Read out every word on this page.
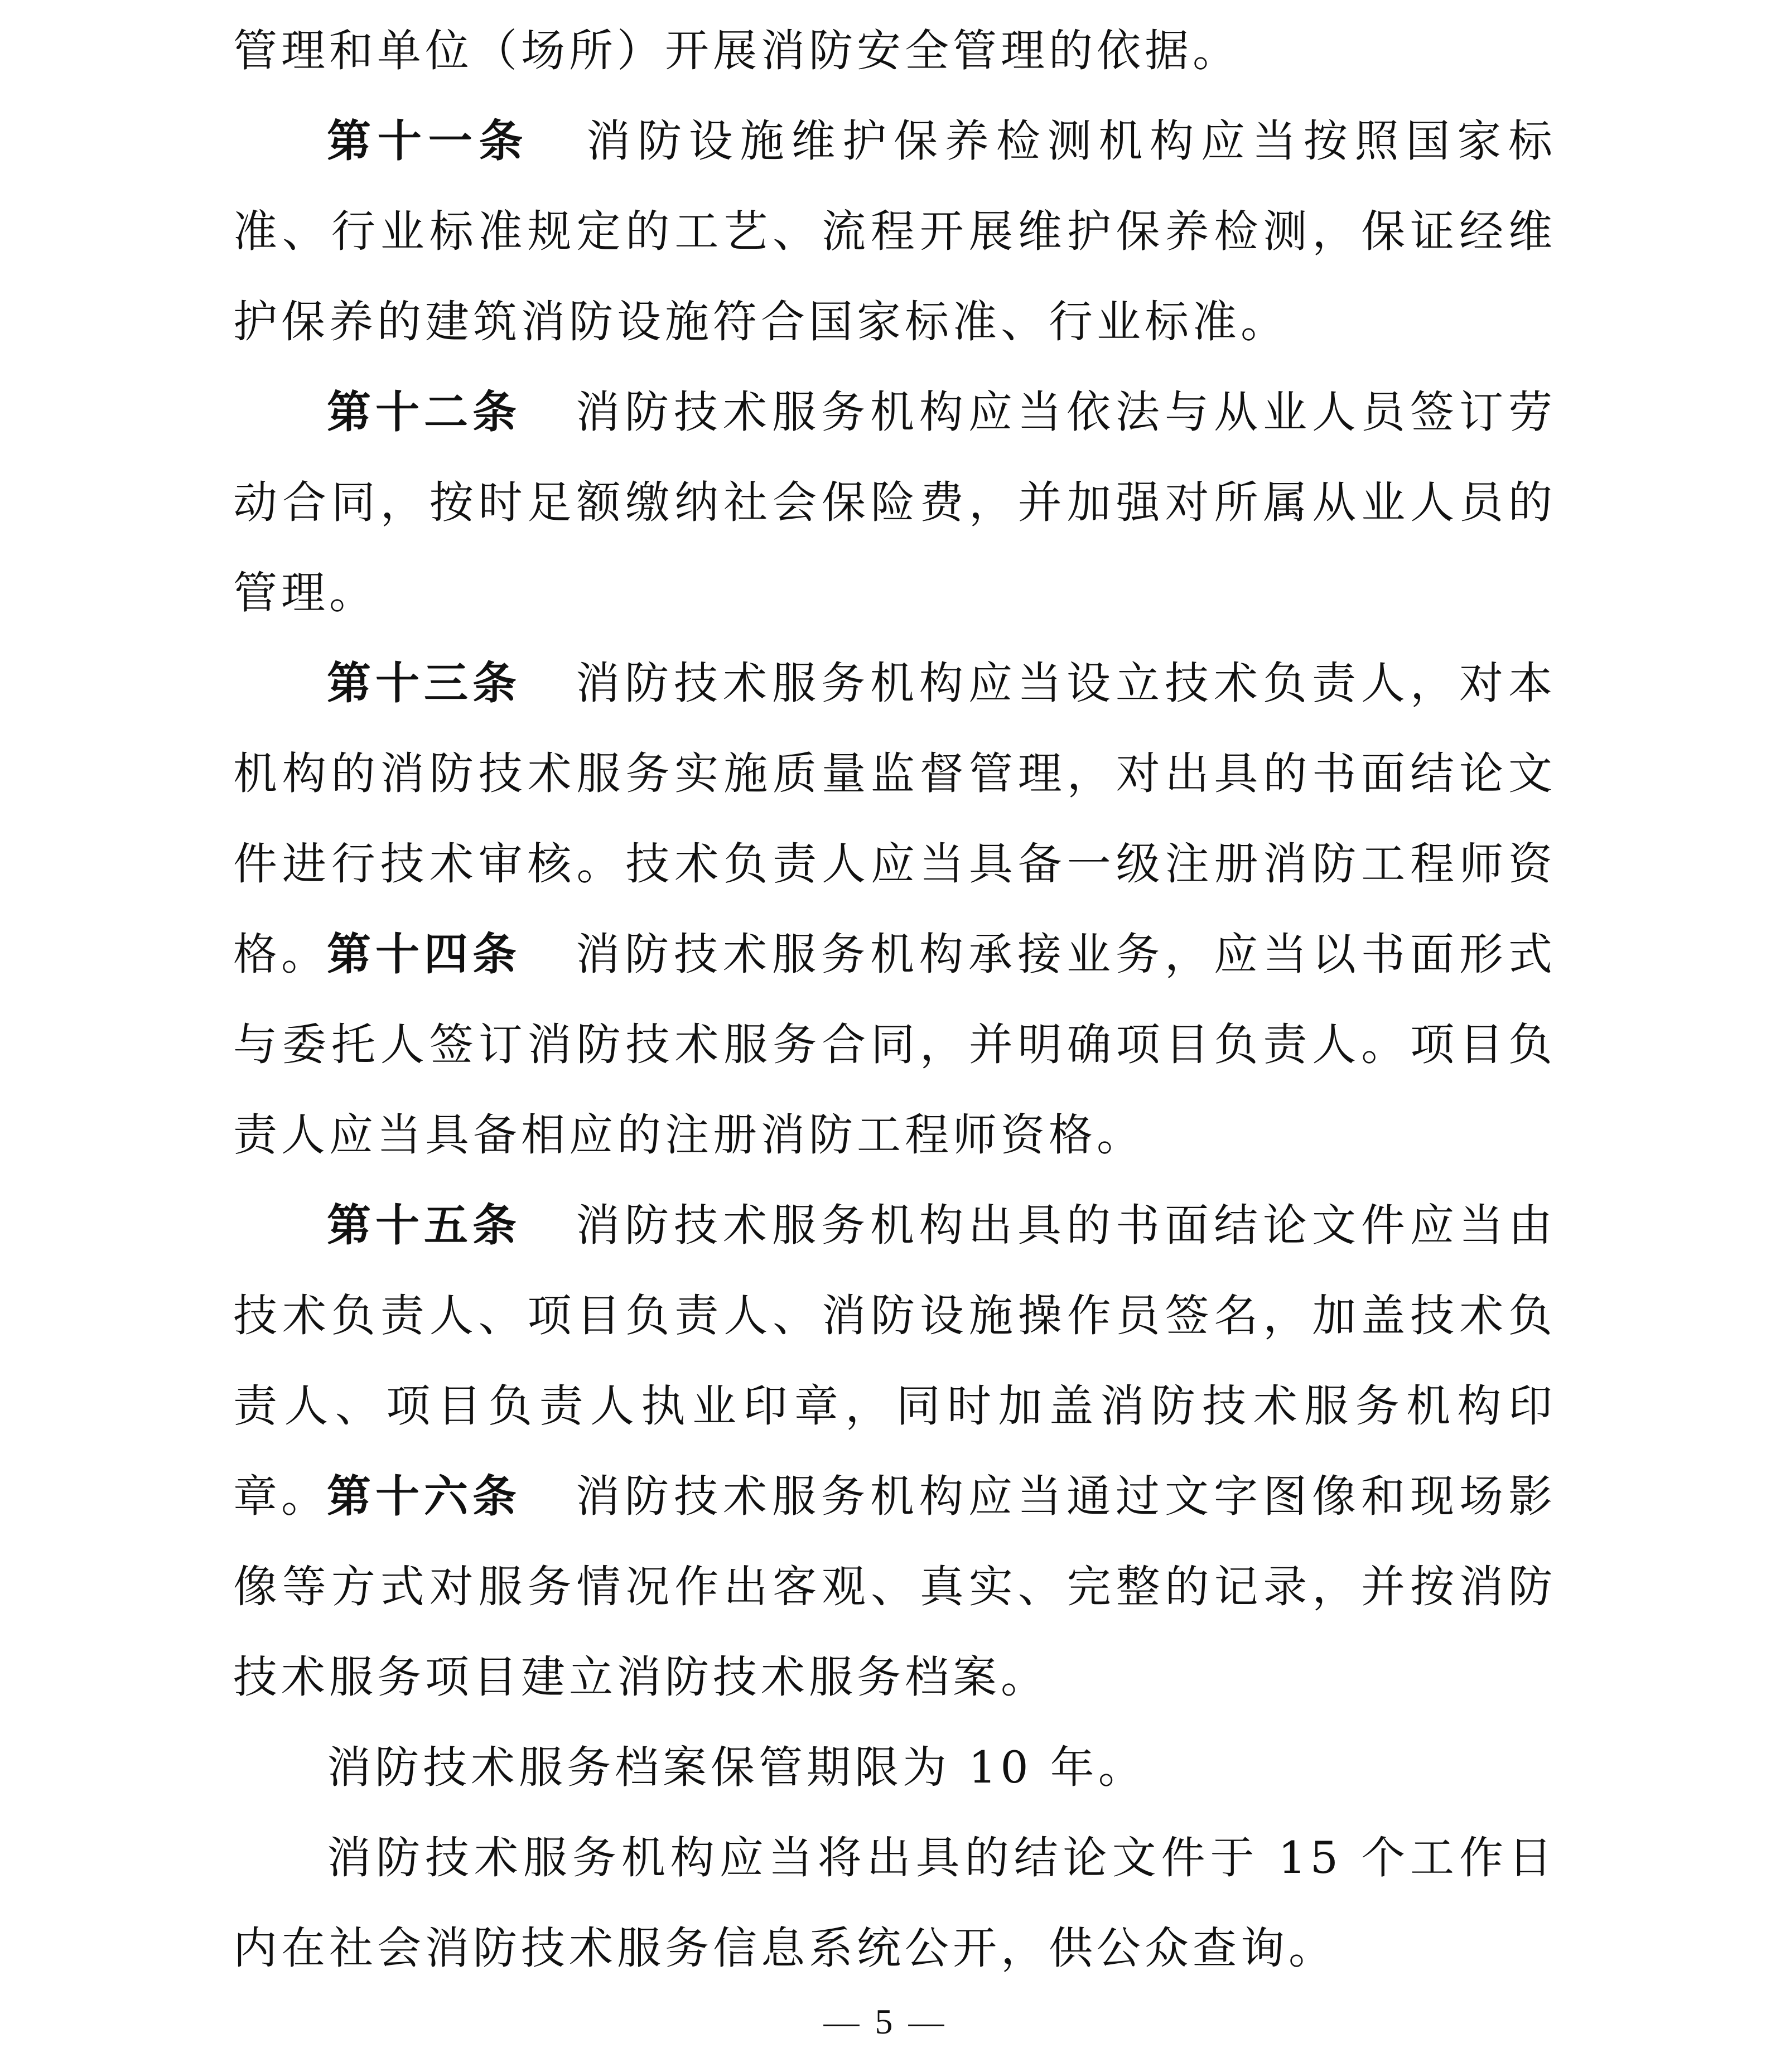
管理和单位（场所）开展消防安全管理的依据。

第十一条 消防设施维护保养检测机构应当按照国家标准、行业标准规定的工艺、流程开展维护保养检测，保证经维护保养的建筑消防设施符合国家标准、行业标准。

第十二条 消防技术服务机构应当依法与从业人员签订劳动合同，按时足额缴纳社会保险费，并加强对所属从业人员的管理。

第十三条 消防技术服务机构应当设立技术负责人，对本机构的消防技术服务实施质量监督管理，对出具的书面结论文件进行技术审核。技术负责人应当具备一级注册消防工程师资格。

第十四条 消防技术服务机构承接业务，应当以书面形式与委托人签订消防技术服务合同，并明确项目负责人。项目负责人应当具备相应的注册消防工程师资格。

第十五条 消防技术服务机构出具的书面结论文件应当由技术负责人、项目负责人、消防设施操作员签名，加盖技术负责人、项目负责人执业印章，同时加盖消防技术服务机构印章。

第十六条 消防技术服务机构应当通过文字图像和现场影像等方式对服务情况作出客观、真实、完整的记录，并按消防技术服务项目建立消防技术服务档案。

消防技术服务档案保管期限为 10 年。

消防技术服务机构应当将出具的结论文件于 15 个工作日内在社会消防技术服务信息系统公开，供公众查询。

— 5 —
